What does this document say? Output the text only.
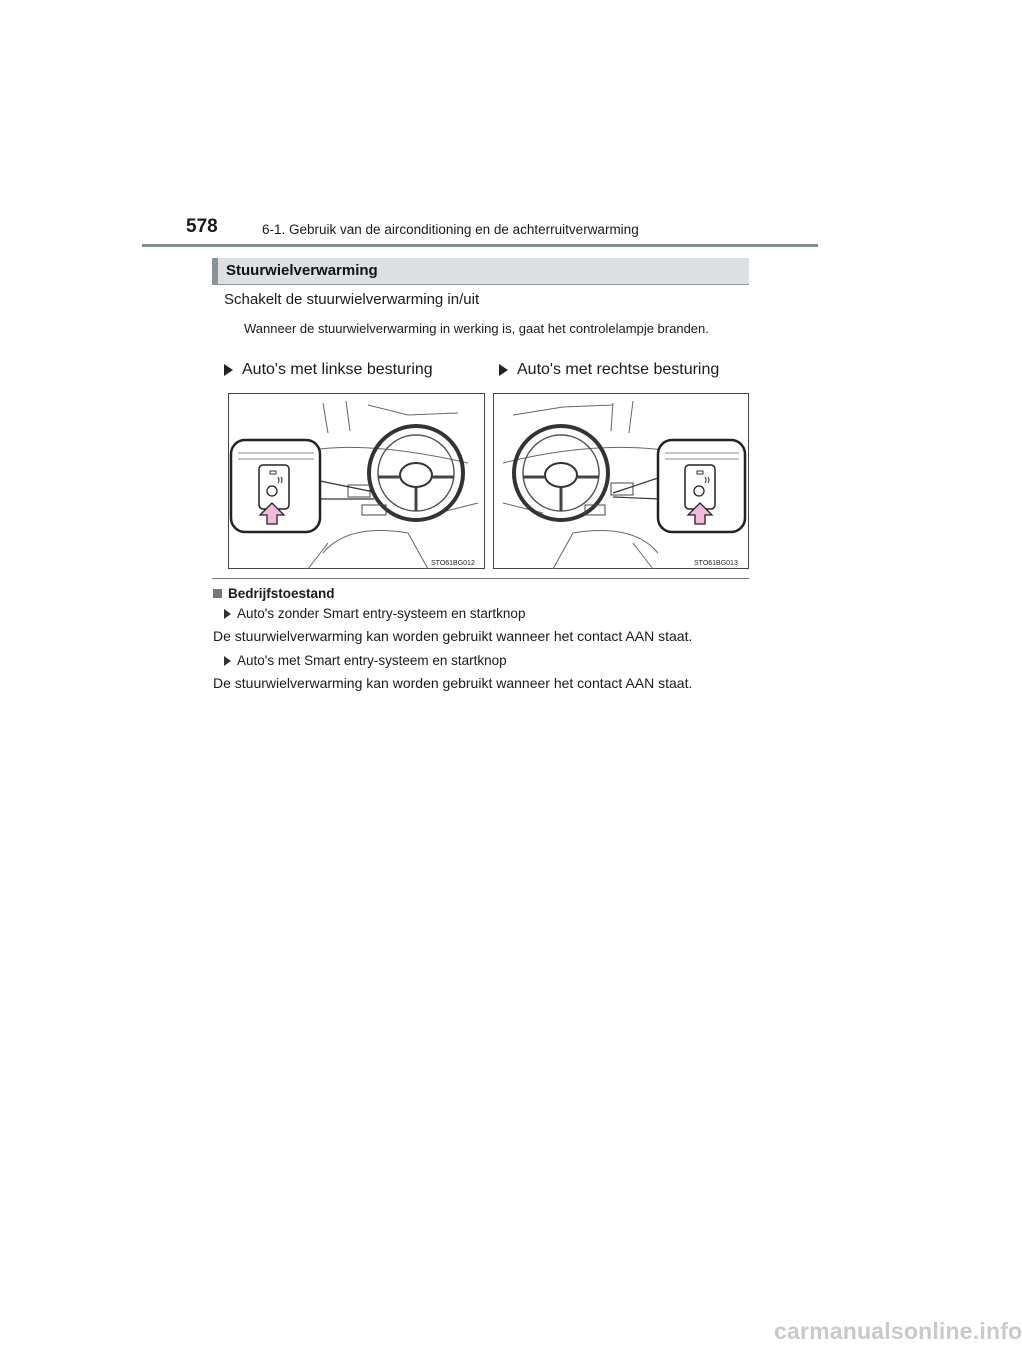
578	6-1. Gebruik van de airconditioning en de achterruitverwarming
Stuurwielverwarming
Schakelt de stuurwielverwarming in/uit
Wanneer de stuurwielverwarming in werking is, gaat het controlelampje branden.
Auto's met linkse besturing	Auto's met rechtse besturing
STO61BG012	STO61BG013
Bedrijfstoestand
Auto's zonder Smart entry-systeem en startknop
De stuurwielverwarming kan worden gebruikt wanneer het contact AAN staat.
Auto's met Smart entry-systeem en startknop
De stuurwielverwarming kan worden gebruikt wanneer het contact AAN staat.
carmanualsonline.info
